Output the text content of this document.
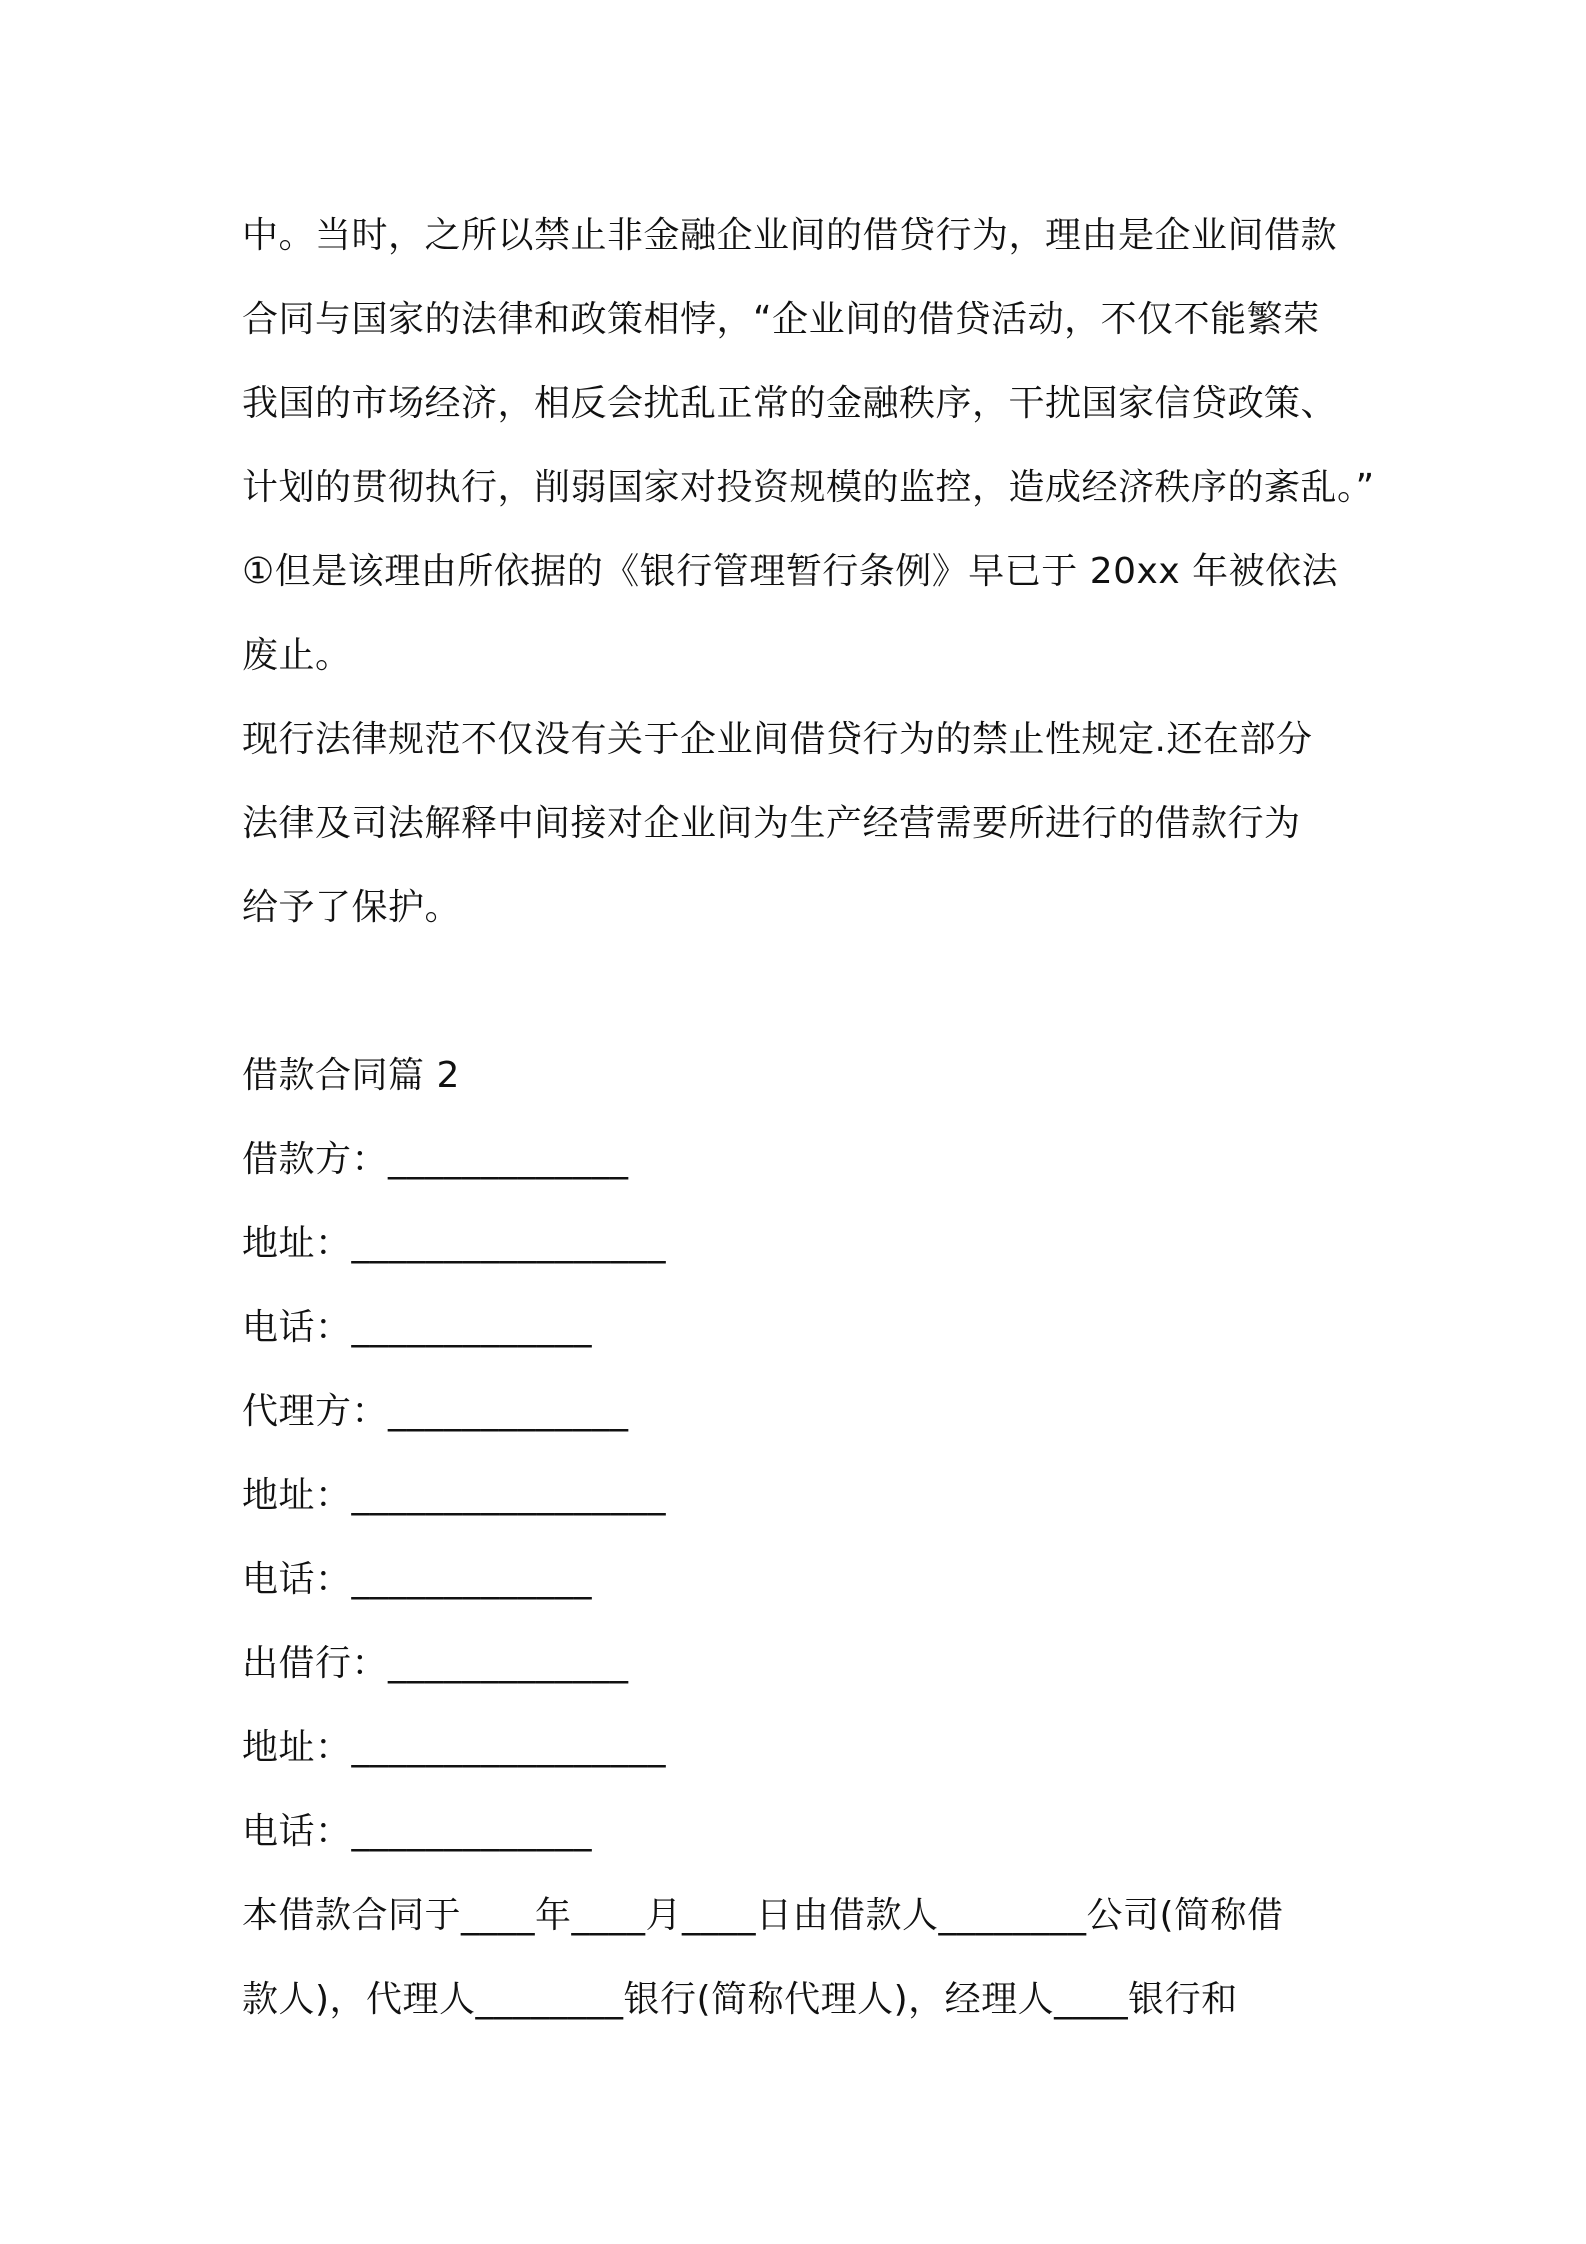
中。当时，之所以禁止非金融企业间的借贷行为，理由是企业间借款
合同与国家的法律和政策相悖，“企业间的借贷活动，不仅不能繁荣
我国的市场经济，相反会扰乱正常的金融秩序，干扰国家信贷政策、
计划的贯彻执行，削弱国家对投资规模的监控，造成经济秩序的紊乱。”
①但是该理由所依据的《银行管理暂行条例》早已于 20xx 年被依法
废止。
现行法律规范不仅没有关于企业间借贷行为的禁止性规定.还在部分
法律及司法解释中间接对企业间为生产经营需要所进行的借款行为
给予了保护。
借款合同篇 2
借款方：_____________
地址：_________________
电话：_____________
代理方：_____________
地址：_________________
电话：_____________
出借行：_____________
地址：_________________
电话：_____________
本借款合同于____年____月____日由借款人________公司(简称借
款人)，代理人________银行(简称代理人)，经理人____银行和
